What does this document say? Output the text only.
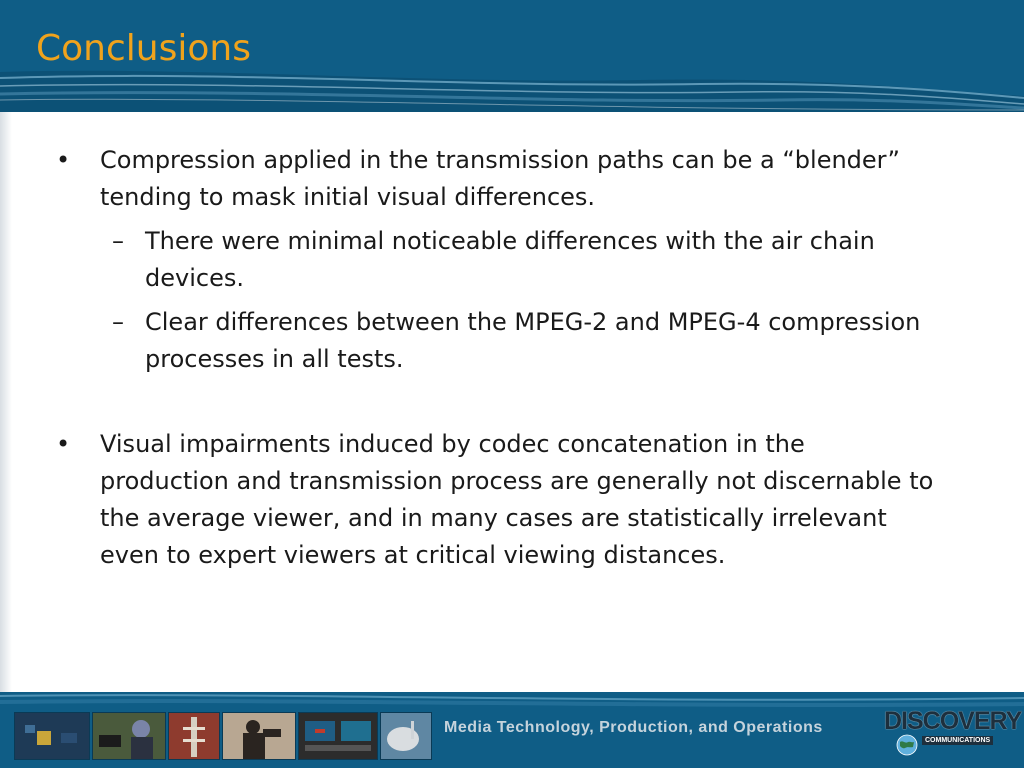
Conclusions
• Compression applied in the transmission paths can be a “blender” tending to mask initial visual differences.
– There were minimal noticeable differences with the air chain devices.
– Clear differences between the MPEG-2 and MPEG-4 compression processes in all tests.
• Visual impairments induced by codec concatenation in the production and transmission process are generally not discernable to the average viewer, and in many cases are statistically irrelevant even to expert viewers at critical viewing distances.
Media Technology, Production, and Operations DISCOVERY
COMMUNICATIONS
